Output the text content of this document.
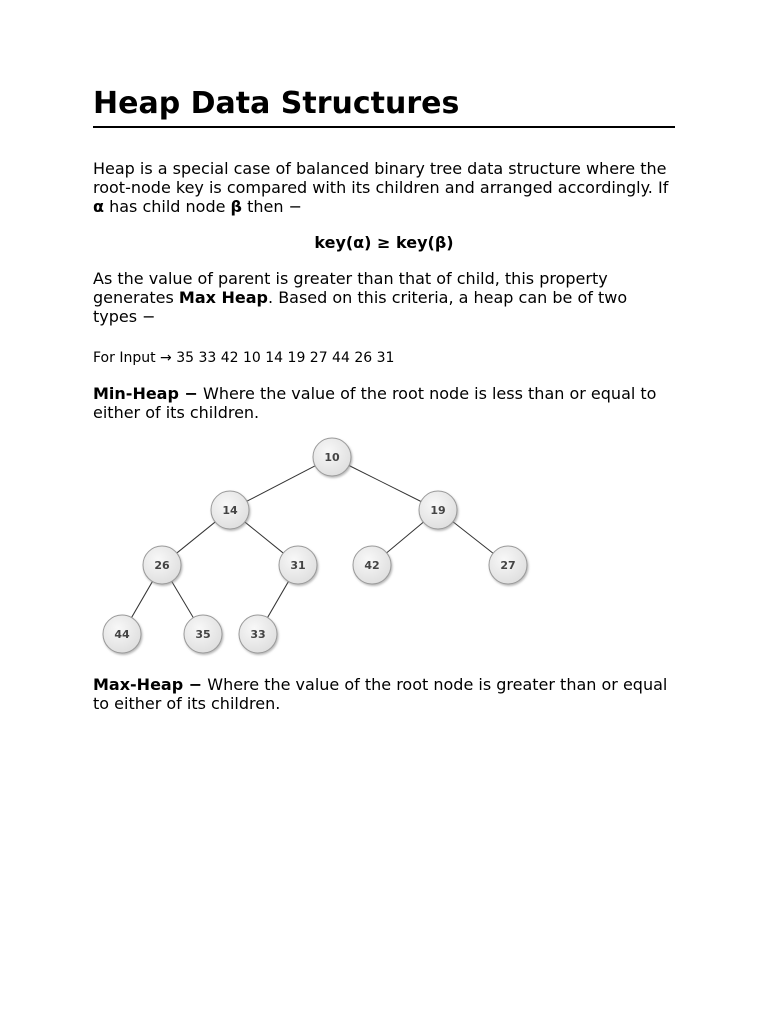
Heap Data Structures

Heap is a special case of balanced binary tree data structure where the root-node key is compared with its children and arranged accordingly. If α has child node β then −

key(α) ≥ key(β)

As the value of parent is greater than that of child, this property generates Max Heap. Based on this criteria, a heap can be of two types −

For Input → 35 33 42 10 14 19 27 44 26 31

Min-Heap − Where the value of the root node is less than or equal to either of its children.

10
14	19
26	31	42	27
44	35	33

Max-Heap − Where the value of the root node is greater than or equal to either of its children.
